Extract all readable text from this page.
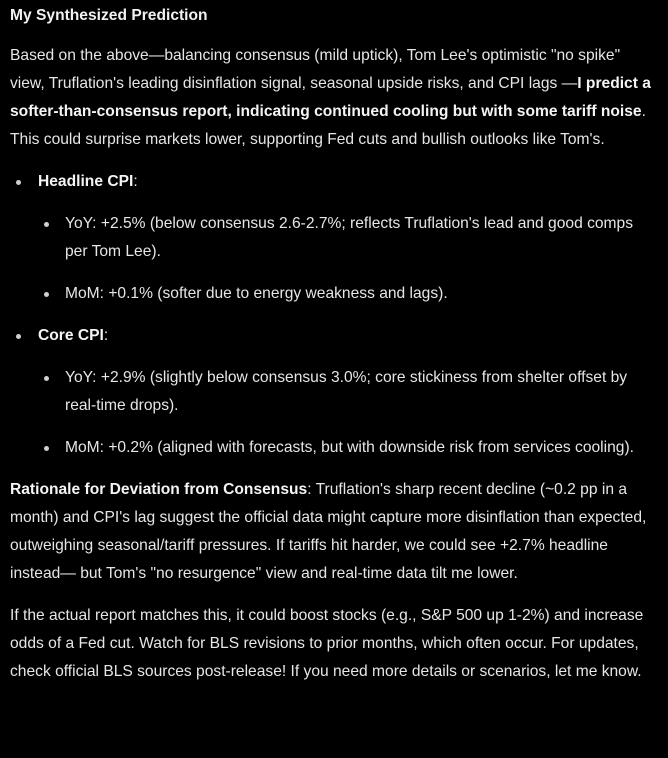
My Synthesized Prediction

Based on the above—balancing consensus (mild uptick), Tom Lee's optimistic "no spike" view, Truflation's leading disinflation signal, seasonal upside risks, and CPI lags —I predict a softer-than-consensus report, indicating continued cooling but with some tariff noise. This could surprise markets lower, supporting Fed cuts and bullish outlooks like Tom's.

Headline CPI:
YoY: +2.5% (below consensus 2.6-2.7%; reflects Truflation's lead and good comps per Tom Lee).
MoM: +0.1% (softer due to energy weakness and lags).
Core CPI:
YoY: +2.9% (slightly below consensus 3.0%; core stickiness from shelter offset by real-time drops).
MoM: +0.2% (aligned with forecasts, but with downside risk from services cooling).

Rationale for Deviation from Consensus: Truflation's sharp recent decline (~0.2 pp in a month) and CPI's lag suggest the official data might capture more disinflation than expected, outweighing seasonal/tariff pressures. If tariffs hit harder, we could see +2.7% headline instead— but Tom's "no resurgence" view and real-time data tilt me lower.

If the actual report matches this, it could boost stocks (e.g., S&P 500 up 1-2%) and increase odds of a Fed cut. Watch for BLS revisions to prior months, which often occur. For updates, check official BLS sources post-release! If you need more details or scenarios, let me know.
